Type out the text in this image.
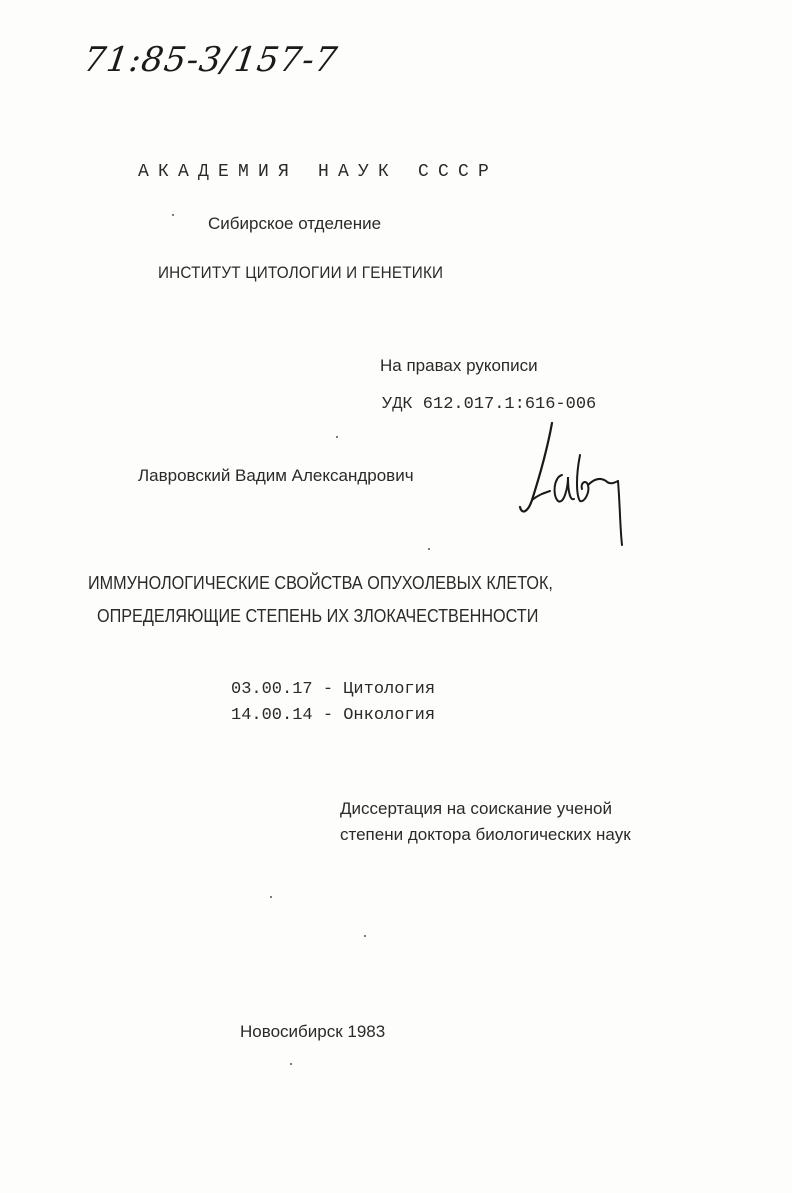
71:85-3/157-7
АКАДЕМИЯ НАУК СССР
Сибирское отделение
ИНСТИТУТ ЦИТОЛОГИИ И ГЕНЕТИКИ
На правах рукописи
УДК 612.017.1:616-006
Лавровский Вадим Александрович
ИММУНОЛОГИЧЕСКИЕ СВОЙСТВА ОПУХОЛЕВЫХ КЛЕТОК,
ОПРЕДЕЛЯЮЩИЕ СТЕПЕНЬ ИХ ЗЛОКАЧЕСТВЕННОСТИ
03.00.17 - Цитология
14.00.14 - Онкология
Диссертация на соискание ученой
степени доктора биологических наук
Новосибирск 1983
